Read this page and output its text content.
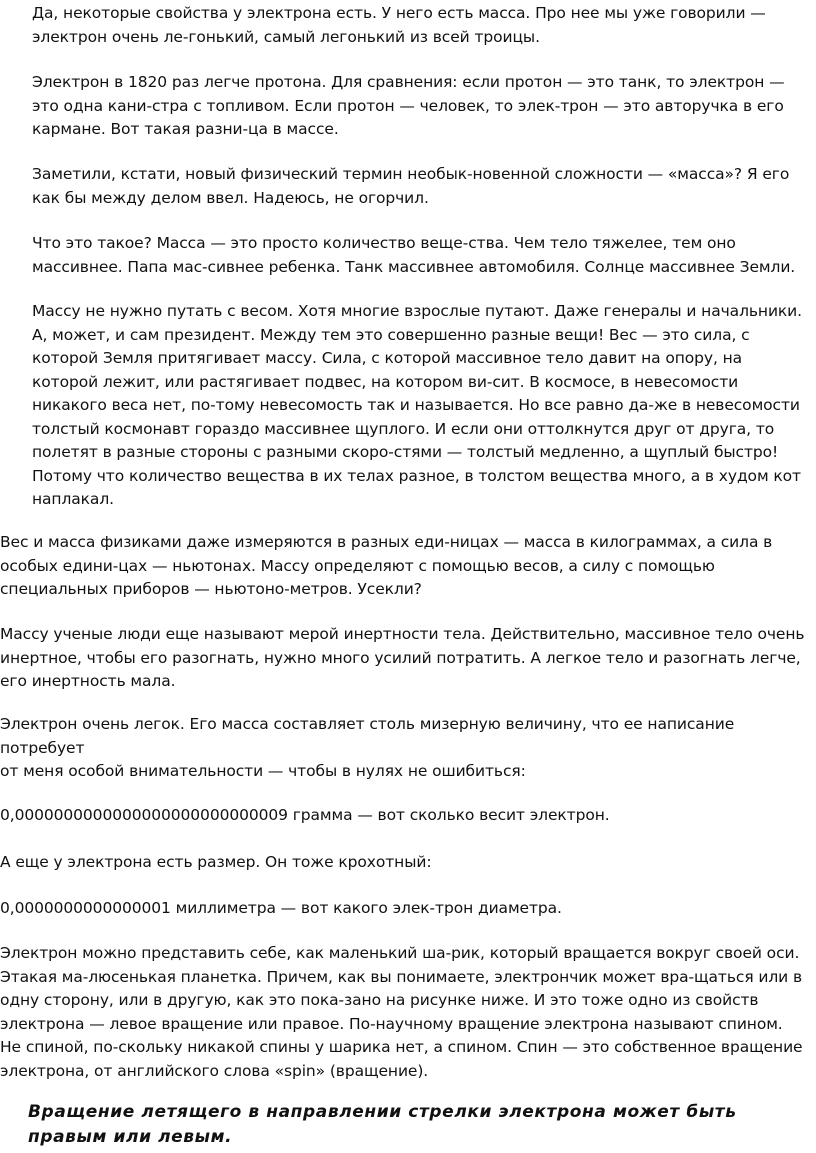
Да, некоторые свойства у электрона есть. У него есть масса. Про нее мы уже говорили —
электрон очень ле-гонький, самый легонький из всей троицы.
Электрон в 1820 раз легче протона. Для сравнения: если протон — это танк, то электрон —
это одна кани-стра с топливом. Если протон — человек, то элек-трон — это авторучка в его
кармане. Вот такая разни-ца в массе.
Заметили, кстати, новый физический термин необык-новенной сложности — «масса»? Я его
как бы между делом ввел. Надеюсь, не огорчил.
Что это такое? Масса — это просто количество веще-ства. Чем тело тяжелее, тем оно
массивнее. Папа мас-сивнее ребенка. Танк массивнее автомобиля. Солнце массивнее Земли.
Массу не нужно путать с весом. Хотя многие взрослые путают. Даже генералы и начальники.
А, может, и сам президент. Между тем это совершенно разные вещи! Вес — это сила, с
которой Земля притягивает массу. Сила, с которой массивное тело давит на опору, на
которой лежит, или растягивает подвес, на котором ви-сит. В космосе, в невесомости
никакого веса нет, по-тому невесомость так и называется. Но все равно да-же в невесомости
толстый космонавт гораздо массивнее щуплого. И если они оттолкнутся друг от друга, то
полетят в разные стороны с разными скоро-стями — толстый медленно, а щуплый быстро!
Потому что количество вещества в их телах разное, в толстом вещества много, а в худом кот
наплакал.
Вес и масса физиками даже измеряются в разных еди-ницах — масса в килограммах, а сила в
особых едини-цах — ньютонах. Массу определяют с помощью весов, а силу с помощью
специальных приборов — ньютоно-метров. Усекли?
Массу ученые люди еще называют мерой инертности тела. Действительно, массивное тело очень
инертное, чтобы его разогнать, нужно много усилий потратить. А легкое тело и разогнать легче,
его инертность мала.
Электрон очень легок. Его масса составляет столь мизерную величину, что ее написание
потребует
от меня особой внимательности — чтобы в нулях не ошибиться:
0,0000000000000000000000000009 грамма — вот сколько весит электрон.
А еще у электрона есть размер. Он тоже крохотный:
0,0000000000000001 миллиметра — вот какого элек-трон диаметра.
Электрон можно представить себе, как маленький ша-рик, который вращается вокруг своей оси.
Этакая ма-люсенькая планетка. Причем, как вы понимаете, электрончик может вра-щаться или в
одну сторону, или в другую, как это пока-зано на рисунке ниже. И это тоже одно из свойств
электрона — левое вращение или правое. По-научному вращение электрона называют спином.
Не спиной, по-скольку никакой спины у шарика нет, а спином. Спин — это собственное вращение
электрона, от английского слова «spin» (вращение).

Вращение летящего в направлении стрелки электрона может быть правым или левым.
